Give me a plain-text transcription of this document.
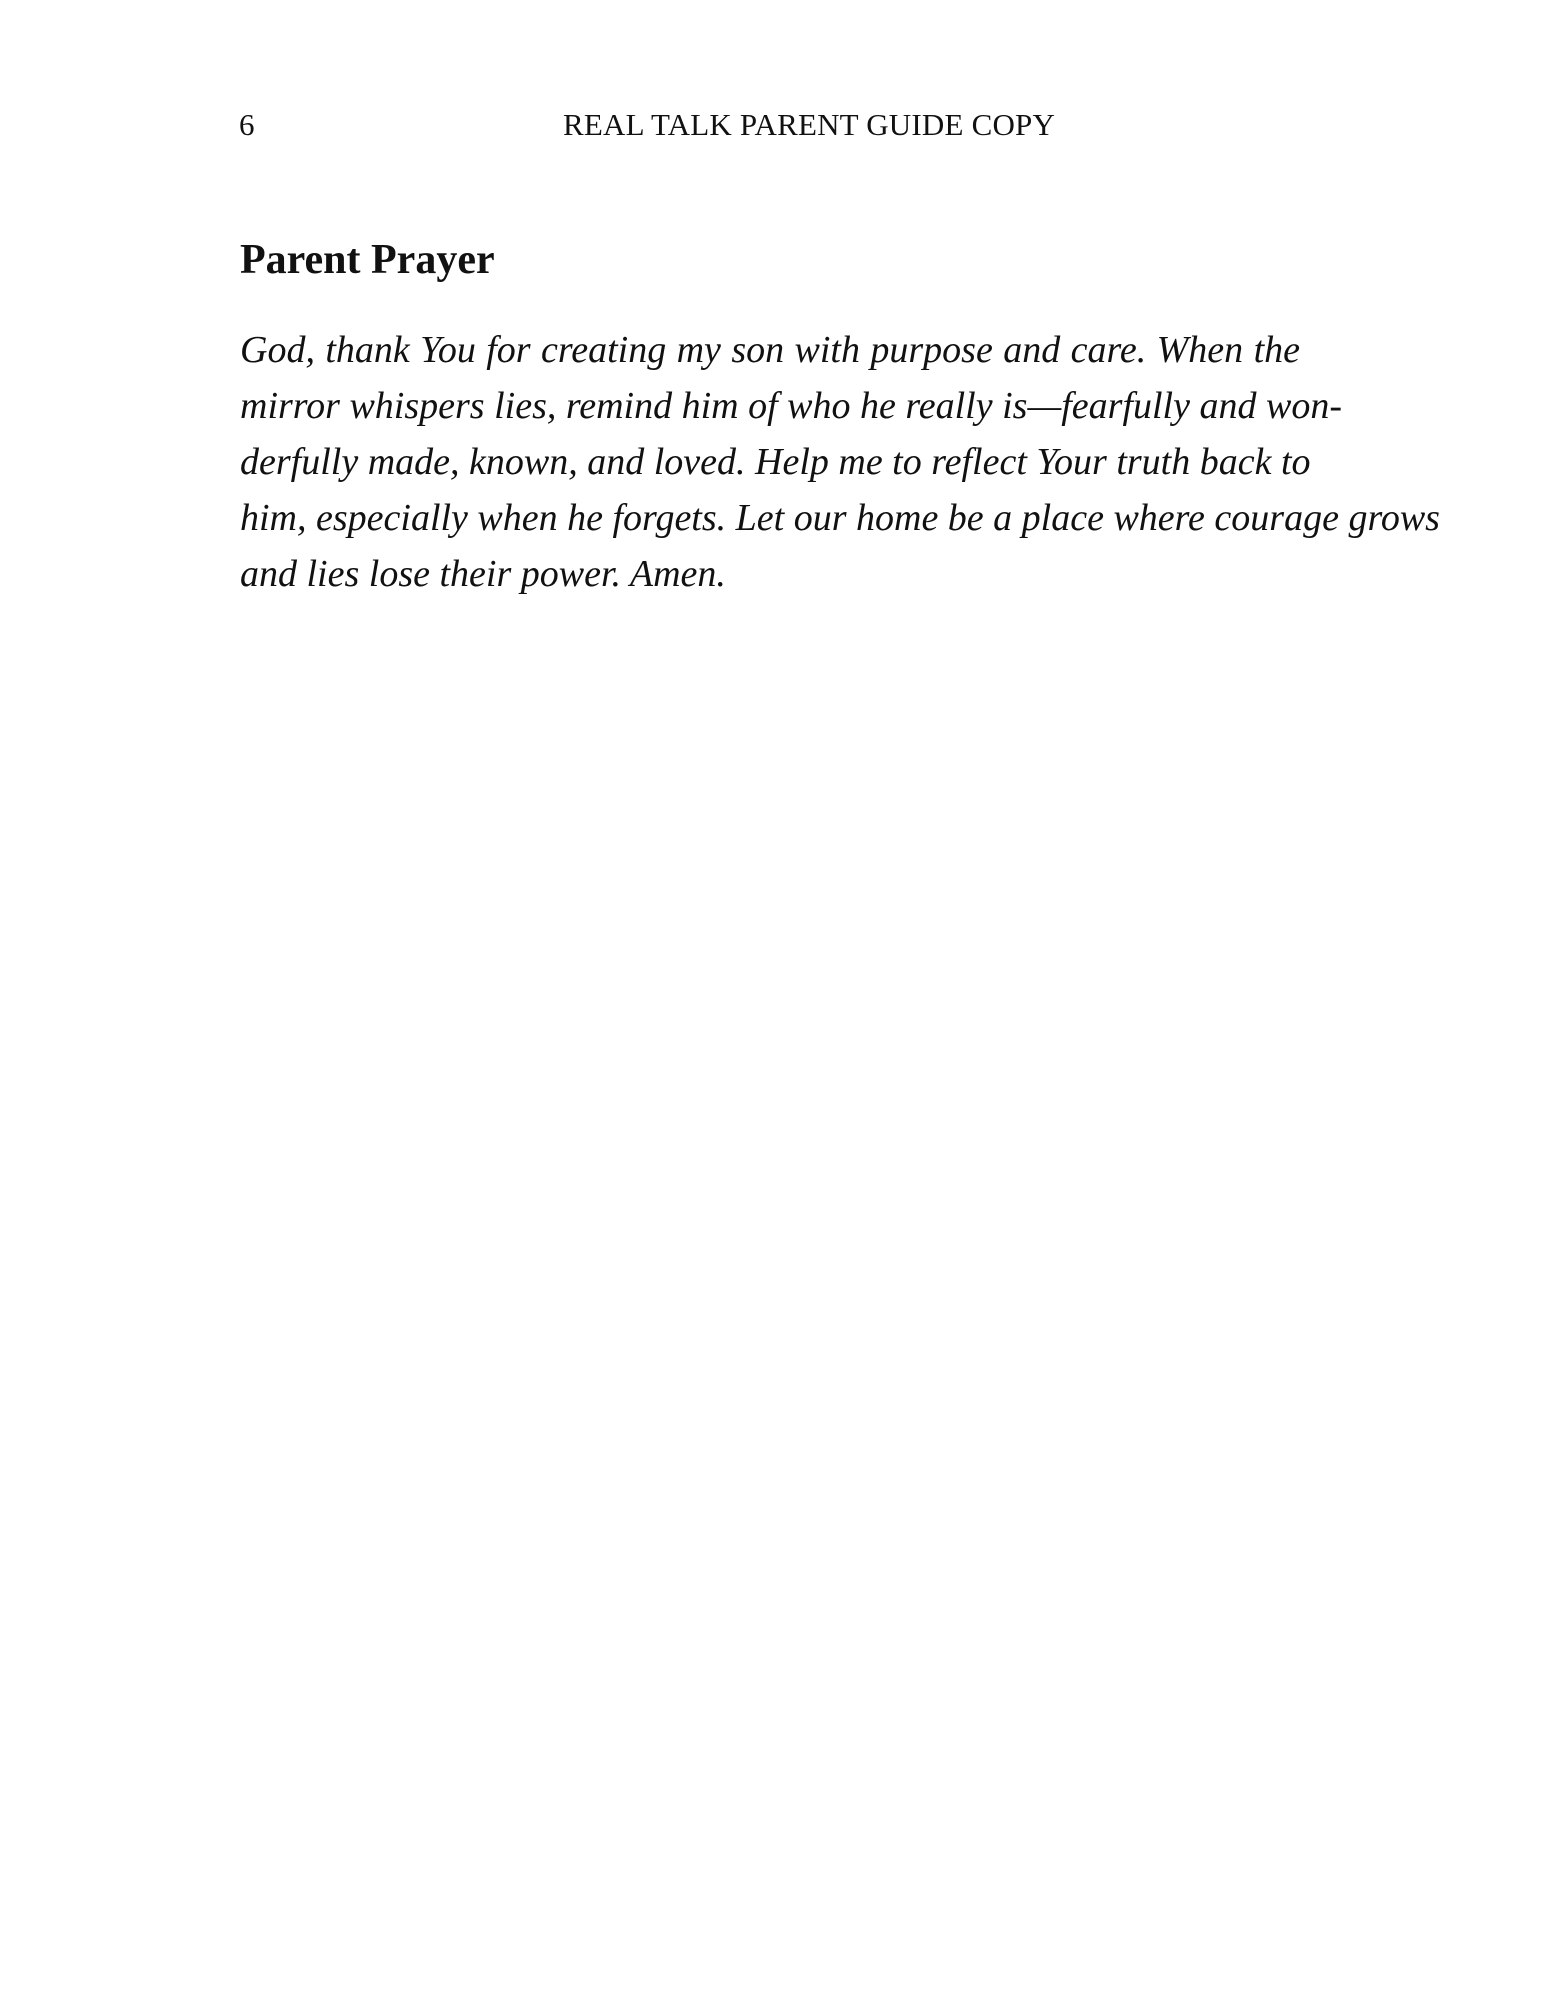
6	REAL TALK PARENT GUIDE COPY
Parent Prayer

God, thank You for creating my son with purpose and care. When the
mirror whispers lies, remind him of who he really is—fearfully and won-
derfully made, known, and loved. Help me to reflect Your truth back to
him, especially when he forgets. Let our home be a place where courage grows
and lies lose their power. Amen.
